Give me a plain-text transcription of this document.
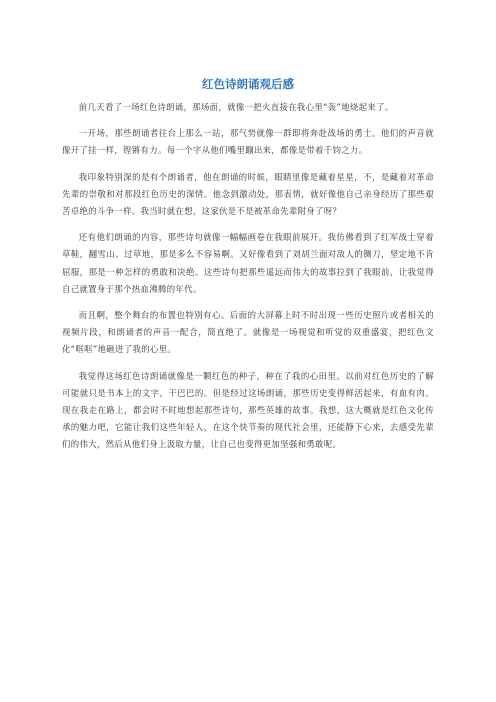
红色诗朗诵观后感

前几天看了一场红色诗朗诵，那场面，就像一把火直接在我心里“轰”地烧起来了。

一开场，那些朗诵者往台上那么一站，那气势就像一群即将奔赴战场的勇士。他们的声音就像开了挂一样，铿锵有力。每一个字从他们嘴里蹦出来，都像是带着千钧之力。

我印象特别深的是有个朗诵者，他在朗诵的时候，眼睛里像是藏着星星，不，是藏着对革命先辈的崇敬和对那段红色历史的深情。他念到激动处，那表情，就好像他自己亲身经历了那些艰苦卓绝的斗争一样。我当时就在想，这家伙是不是被革命先辈附身了呀？

还有他们朗诵的内容，那些诗句就像一幅幅画卷在我眼前展开。我仿佛看到了红军战士穿着草鞋，翻雪山、过草地，那是多么不容易啊。又好像看到了刘胡兰面对敌人的铡刀，坚定地不肯屈服，那是一种怎样的勇敢和决绝。这些诗句把那些遥远而伟大的故事拉到了我眼前，让我觉得自己就置身于那个热血沸腾的年代。

而且啊，整个舞台的布置也特别有心。后面的大屏幕上时不时出现一些历史照片或者相关的视频片段，和朗诵者的声音一配合，简直绝了。就像是一场视觉和听觉的双重盛宴，把红色文化“哐哐”地砸进了我的心里。

我觉得这场红色诗朗诵就像是一颗红色的种子，种在了我的心田里。以前对红色历史的了解可能就只是书本上的文字，干巴巴的。但是经过这场朗诵，那些历史变得鲜活起来，有血有肉。现在我走在路上，都会时不时地想起那些诗句，那些英雄的故事。我想，这大概就是红色文化传承的魅力吧，它能让我们这些年轻人，在这个快节奏的现代社会里，还能静下心来，去感受先辈们的伟大，然后从他们身上汲取力量，让自己也变得更加坚强和勇敢呢。
